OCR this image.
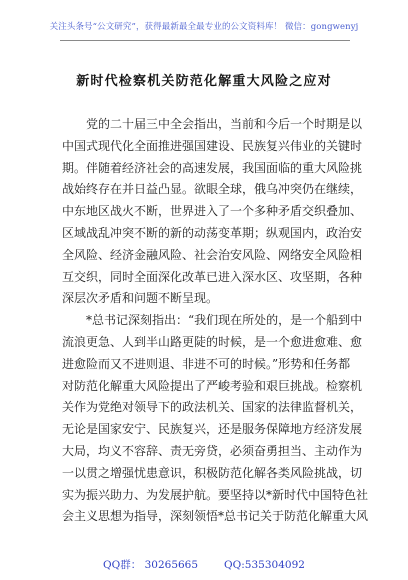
关注头条号“公文研究”，获得最新最全最专业的公文资料库！ 微信：gongwenyj
新时代检察机关防范化解重大风险之应对
党的二十届三中全会指出，当前和今后一个时期是以
中国式现代化全面推进强国建设、民族复兴伟业的关键时
期。伴随着经济社会的高速发展，我国面临的重大风险挑
战始终存在并日益凸显。欲眼全球，俄乌冲突仍在继续，
中东地区战火不断，世界进入了一个多种矛盾交织叠加、
区域战乱冲突不断的新的动荡变革期；纵观国内，政治安
全风险、经济金融风险、社会治安风险、网络安全风险相
互交织，同时全面深化改革已进入深水区、攻坚期，各种
深层次矛盾和问题不断呈现。
*总书记深刻指出：“我们现在所处的，是一个船到中
流浪更急、人到半山路更陡的时候，是一个愈进愈难、愈
进愈险而又不进则退、非进不可的时候。”形势和任务都
对防范化解重大风险提出了严峻考验和艰巨挑战。检察机
关作为党绝对领导下的政法机关、国家的法律监督机关，
无论是国家安宁、民族复兴，还是服务保障地方经济发展
大局，均义不容辞、责无旁贷，必须奋勇担当、主动作为
一以贯之增强忧患意识，积极防范化解各类风险挑战，切
实为振兴助力、为发展护航。要坚持以*新时代中国特色社
会主义思想为指导，深刻领悟*总书记关于防范化解重大风
QQ群： 30265665 QQ:535304092
